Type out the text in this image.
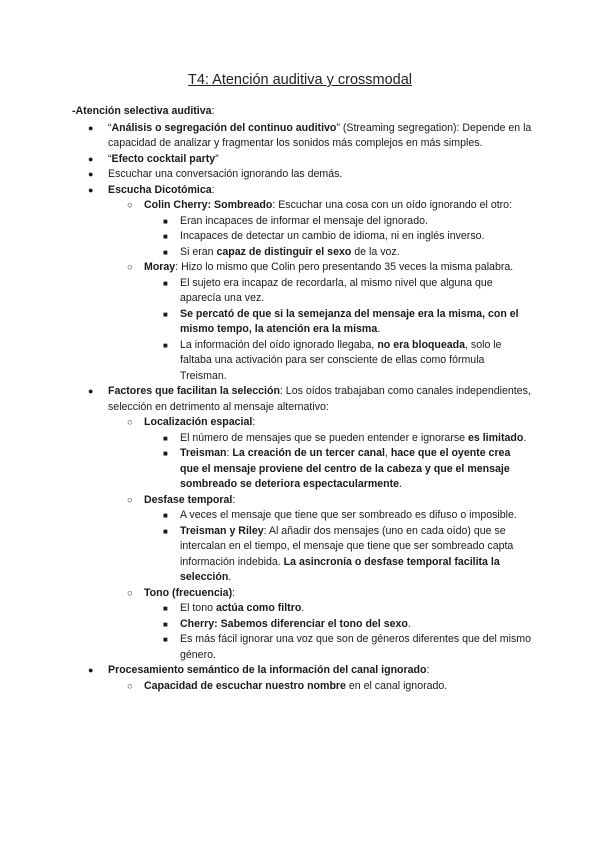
T4: Atención auditiva y crossmodal
-Atención selectiva auditiva:
● “Análisis o segregación del continuo auditivo” (Streaming segregation): Depende en la capacidad de analizar y fragmentar los sonidos más complejos en más simples.
● “Efecto cocktail party”
● Escuchar una conversación ignorando las demás.
● Escucha Dicotómica:
○ Colin Cherry: Sombreado: Escuchar una cosa con un oído ignorando el otro:
■ Eran incapaces de informar el mensaje del ignorado.
■ Incapaces de detectar un cambio de idioma, ni en inglés inverso.
■ Si eran capaz de distinguir el sexo de la voz.
○ Moray: Hizo lo mismo que Colin pero presentando 35 veces la misma palabra.
■ El sujeto era incapaz de recordarla, al mismo nivel que alguna que aparecía una vez.
■ Se percató de que si la semejanza del mensaje era la misma, con el mismo tempo, la atención era la misma.
■ La información del oído ignorado llegaba, no era bloqueada, solo le faltaba una activación para ser consciente de ellas como fórmula Treisman.
● Factores que facilitan la selección: Los oídos trabajaban como canales independientes, selección en detrimento al mensaje alternativo:
○ Localización espacial:
■ El número de mensajes que se pueden entender e ignorarse es limitado.
■ Treisman: La creación de un tercer canal, hace que el oyente crea que el mensaje proviene del centro de la cabeza y que el mensaje sombreado se deteriora espectacularmente.
○ Desfase temporal:
■ A veces el mensaje que tiene que ser sombreado es difuso o imposible.
■ Treisman y Riley: Al añadir dos mensajes (uno en cada oído) que se intercalan en el tiempo, el mensaje que tiene que ser sombreado capta información indebida. La asincronía o desfase temporal facilita la selección.
○ Tono (frecuencia):
■ El tono actúa como filtro.
■ Cherry: Sabemos diferenciar el tono del sexo.
■ Es más fácil ignorar una voz que son de géneros diferentes que del mismo género.
● Procesamiento semántico de la información del canal ignorado:
○ Capacidad de escuchar nuestro nombre en el canal ignorado.
